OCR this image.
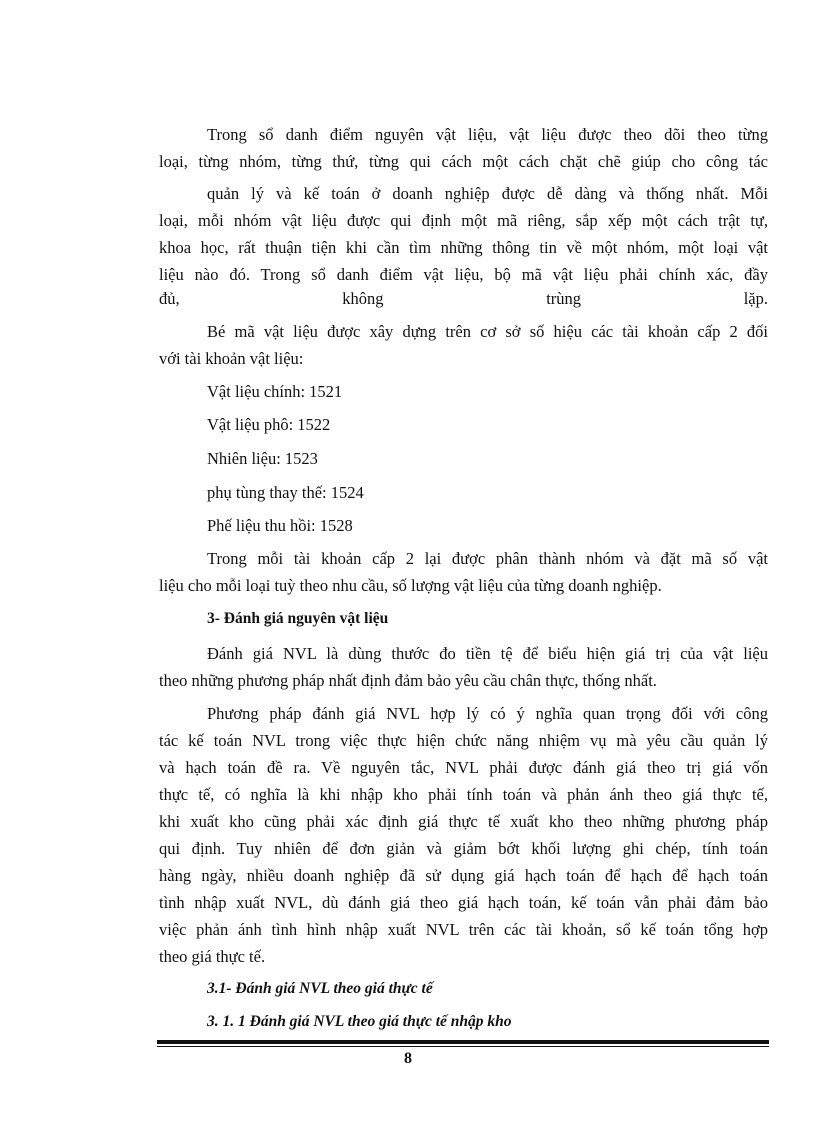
Trong sổ danh điểm nguyên vật liệu, vật liệu được theo dõi theo từng
loại, từng nhóm, từng thứ, từng qui cách một cách chặt chẽ giúp cho công tác
quản lý và kế toán ở doanh nghiệp được dễ dàng và thống nhất. Mỗi
loại, mỗi nhóm vật liệu được qui định một mã riêng, sắp xếp một cách trật tự,
khoa học, rất thuận tiện khi cần tìm những thông tin về một nhóm, một loại vật
liệu nào đó. Trong sổ danh điểm vật liệu, bộ mã vật liệu phải chính xác, đầy
đủ, không trùng lặp.
Bé mã vật liệu được xây dựng trên cơ sở số hiệu các tài khoản cấp 2 đối
với tài khoản vật liệu:
Vật liệu chính: 1521
Vật liệu phô: 1522
Nhiên liệu: 1523
phụ tùng thay thế: 1524
Phế liệu thu hồi: 1528
Trong mỗi tài khoản cấp 2 lại được phân thành nhóm và đặt mã số vật
liệu cho mỗi loại tuỳ theo nhu cầu, số lượng vật liệu của từng doanh nghiệp.
3- Đánh giá nguyên vật liệu
Đánh giá NVL là dùng thước đo tiền tệ để biểu hiện giá trị của vật liệu
theo những phương pháp nhất định đảm bảo yêu cầu chân thực, thống nhất.
Phương pháp đánh giá NVL hợp lý có ý nghĩa quan trọng đối với công
tác kế toán NVL trong việc thực hiện chức năng nhiệm vụ mà yêu cầu quản lý
và hạch toán đề ra. Về nguyên tắc, NVL phải được đánh giá theo trị giá vốn
thực tế, có nghĩa là khi nhập kho phải tính toán và phản ánh theo giá thực tế,
khi xuất kho cũng phải xác định giá thực tế xuất kho theo những phương pháp
qui định. Tuy nhiên để đơn giản và giảm bớt khối lượng ghi chép, tính toán
hàng ngày, nhiều doanh nghiệp đã sử dụng giá hạch toán để hạch để hạch toán
tình nhập xuất NVL, dù đánh giá theo giá hạch toán, kế toán vẫn phải đảm bảo
việc phản ánh tình hình nhập xuất NVL trên các tài khoản, sổ kế toán tổng hợp
theo giá thực tế.
3.1- Đánh giá NVL theo giá thực tế
3. 1. 1 Đánh giá NVL theo giá thực tế nhập kho
8
